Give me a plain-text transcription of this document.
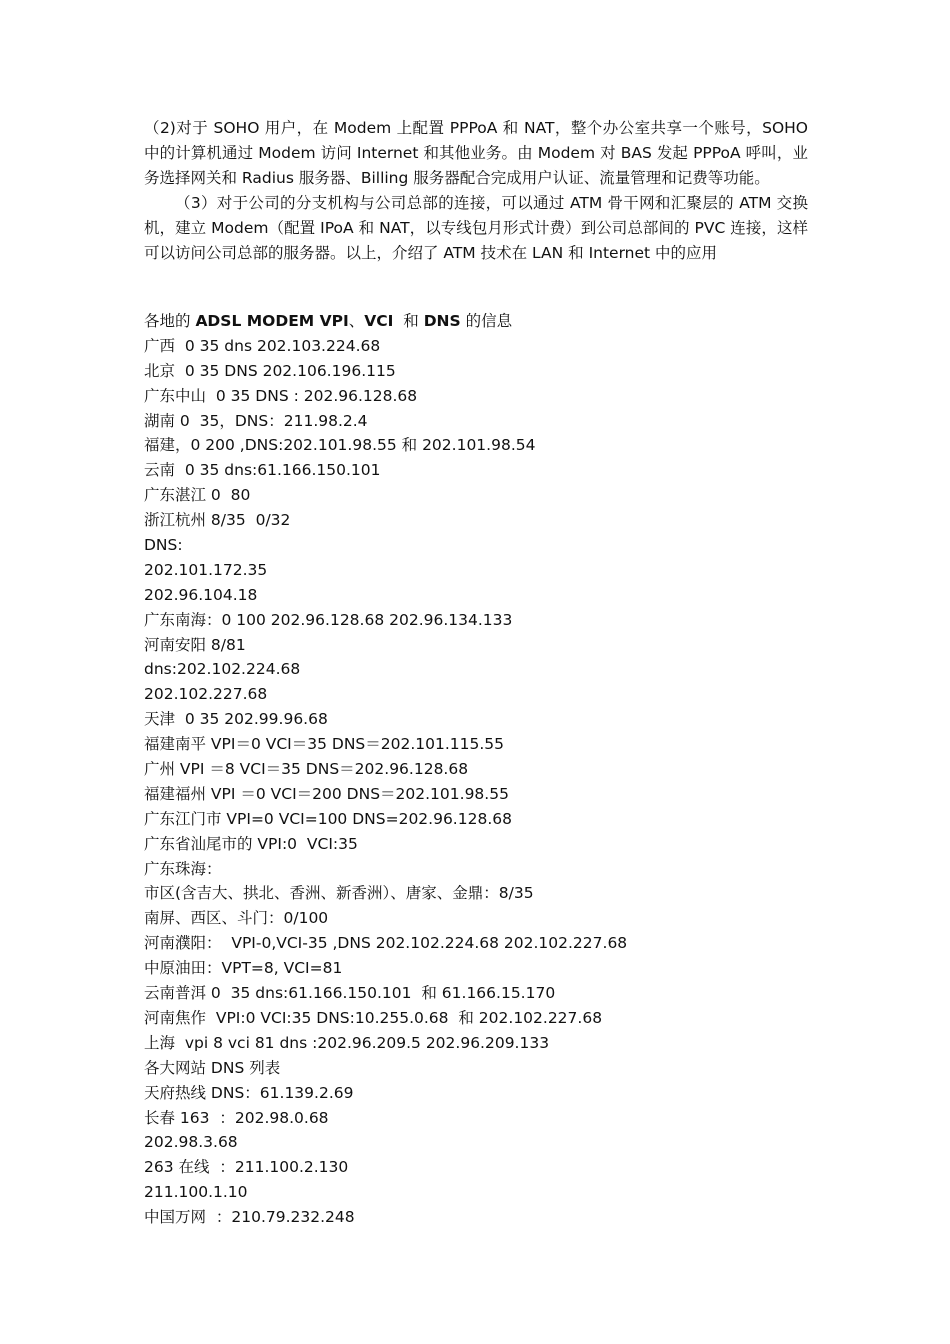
（2)对于 SOHO 用户，在 Modem 上配置 PPPoA 和 NAT，整个办公室共享一个账号，SOHO 中的计算机通过 Modem 访问 Internet 和其他业务。由 Modem 对 BAS 发起 PPPoA 呼叫，业务选择网关和 Radius 服务器、Billing 服务器配合完成用户认证、流量管理和记费等功能。

（3）对于公司的分支机构与公司总部的连接，可以通过 ATM 骨干网和汇聚层的 ATM 交换机，建立 Modem（配置 IPoA 和 NAT，以专线包月形式计费）到公司总部间的 PVC 连接，这样可以访问公司总部的服务器。以上，介绍了 ATM 技术在 LAN 和 Internet 中的应用

各地的 ADSL MODEM VPI、VCI  和 DNS 的信息
广西  0 35 dns 202.103.224.68
北京  0 35 DNS 202.106.196.115
广东中山  0 35 DNS : 202.96.128.68
湖南 0  35，DNS：211.98.2.4
福建，0 200 ,DNS:202.101.98.55 和 202.101.98.54
云南  0 35 dns:61.166.150.101
广东湛江 0  80
浙江杭州 8/35  0/32
DNS:
202.101.172.35
202.96.104.18
广东南海：0 100 202.96.128.68 202.96.134.133
河南安阳 8/81
dns:202.102.224.68
202.102.227.68
天津  0 35 202.99.96.68
福建南平 VPI＝0 VCI＝35 DNS＝202.101.115.55
广州 VPI ＝8 VCI＝35 DNS＝202.96.128.68
福建福州 VPI ＝0 VCI＝200 DNS＝202.101.98.55
广东江门市 VPI=0 VCI=100 DNS=202.96.128.68
广东省汕尾市的 VPI:0  VCI:35
广东珠海：
市区(含吉大、拱北、香洲、新香洲）、唐家、金鼎：8/35
南屏、西区、斗门：0/100
河南濮阳：  VPI-0,VCI-35 ,DNS 202.102.224.68 202.102.227.68
中原油田：VPT=8, VCI=81
云南普洱 0  35 dns:61.166.150.101  和 61.166.15.170
河南焦作  VPI:0 VCI:35 DNS:10.255.0.68  和 202.102.227.68
上海  vpi 8 vci 81 dns :202.96.209.5 202.96.209.133
各大网站 DNS 列表
天府热线 DNS：61.139.2.69
长春 163  ：202.98.0.68
202.98.3.68
263 在线  ：211.100.2.130
211.100.1.10
中国万网  ：210.79.232.248
